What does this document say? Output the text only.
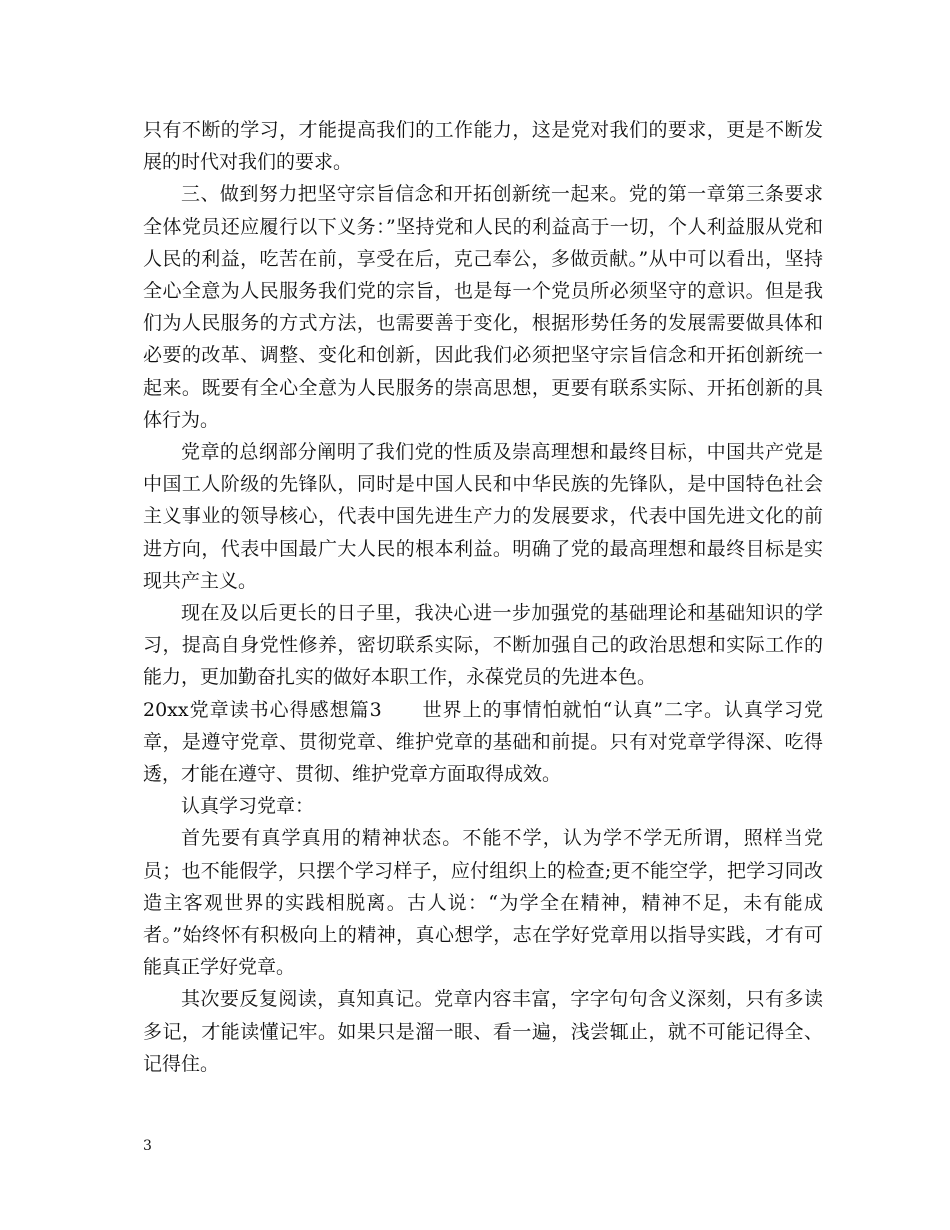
只有不断的学习，才能提高我们的工作能力，这是党对我们的要求，更是不断发展的时代对我们的要求。

三、做到努力把坚守宗旨信念和开拓创新统一起来。党的第一章第三条要求全体党员还应履行以下义务：”坚持党和人民的利益高于一切，个人利益服从党和人民的利益，吃苦在前，享受在后，克己奉公，多做贡献。”从中可以看出，坚持全心全意为人民服务我们党的宗旨，也是每一个党员所必须坚守的意识。但是我们为人民服务的方式方法，也需要善于变化，根据形势任务的发展需要做具体和必要的改革、调整、变化和创新，因此我们必须把坚守宗旨信念和开拓创新统一起来。既要有全心全意为人民服务的崇高思想，更要有联系实际、开拓创新的具体行为。

党章的总纲部分阐明了我们党的性质及崇高理想和最终目标，中国共产党是中国工人阶级的先锋队，同时是中国人民和中华民族的先锋队，是中国特色社会主义事业的领导核心，代表中国先进生产力的发展要求，代表中国先进文化的前进方向，代表中国最广大人民的根本利益。明确了党的最高理想和最终目标是实现共产主义。

现在及以后更长的日子里，我决心进一步加强党的基础理论和基础知识的学习，提高自身党性修养，密切联系实际，不断加强自己的政治思想和实际工作的能力，更加勤奋扎实的做好本职工作，永葆党员的先进本色。

20xx党章读书心得感想篇3　　世界上的事情怕就怕“认真”二字。认真学习党章，是遵守党章、贯彻党章、维护党章的基础和前提。只有对党章学得深、吃得透，才能在遵守、贯彻、维护党章方面取得成效。

认真学习党章：

首先要有真学真用的精神状态。不能不学，认为学不学无所谓，照样当党员；也不能假学，只摆个学习样子，应付组织上的检查;更不能空学，把学习同改造主客观世界的实践相脱离。古人说：“为学全在精神，精神不足，未有能成者。”始终怀有积极向上的精神，真心想学，志在学好党章用以指导实践，才有可能真正学好党章。

其次要反复阅读，真知真记。党章内容丰富，字字句句含义深刻，只有多读多记，才能读懂记牢。如果只是溜一眼、看一遍，浅尝辄止，就不可能记得全、记得住。

3
